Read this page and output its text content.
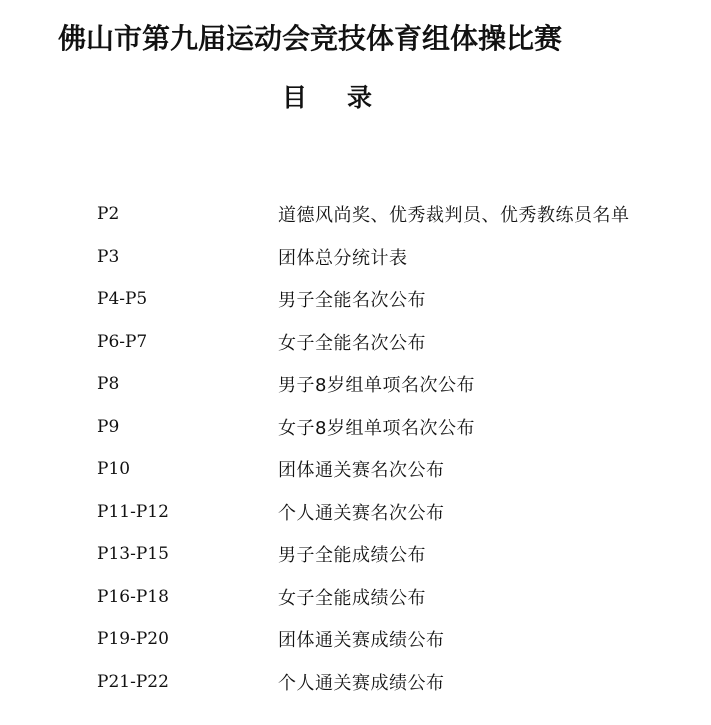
佛山市第九届运动会竞技体育组体操比赛
目 录
P2	道德风尚奖、优秀裁判员、优秀教练员名单
P3	团体总分统计表
P4-P5	男子全能名次公布
P6-P7	女子全能名次公布
P8	男子8岁组单项名次公布
P9	女子8岁组单项名次公布
P10	团体通关赛名次公布
P11-P12	个人通关赛名次公布
P13-P15	男子全能成绩公布
P16-P18	女子全能成绩公布
P19-P20	团体通关赛成绩公布
P21-P22	个人通关赛成绩公布
